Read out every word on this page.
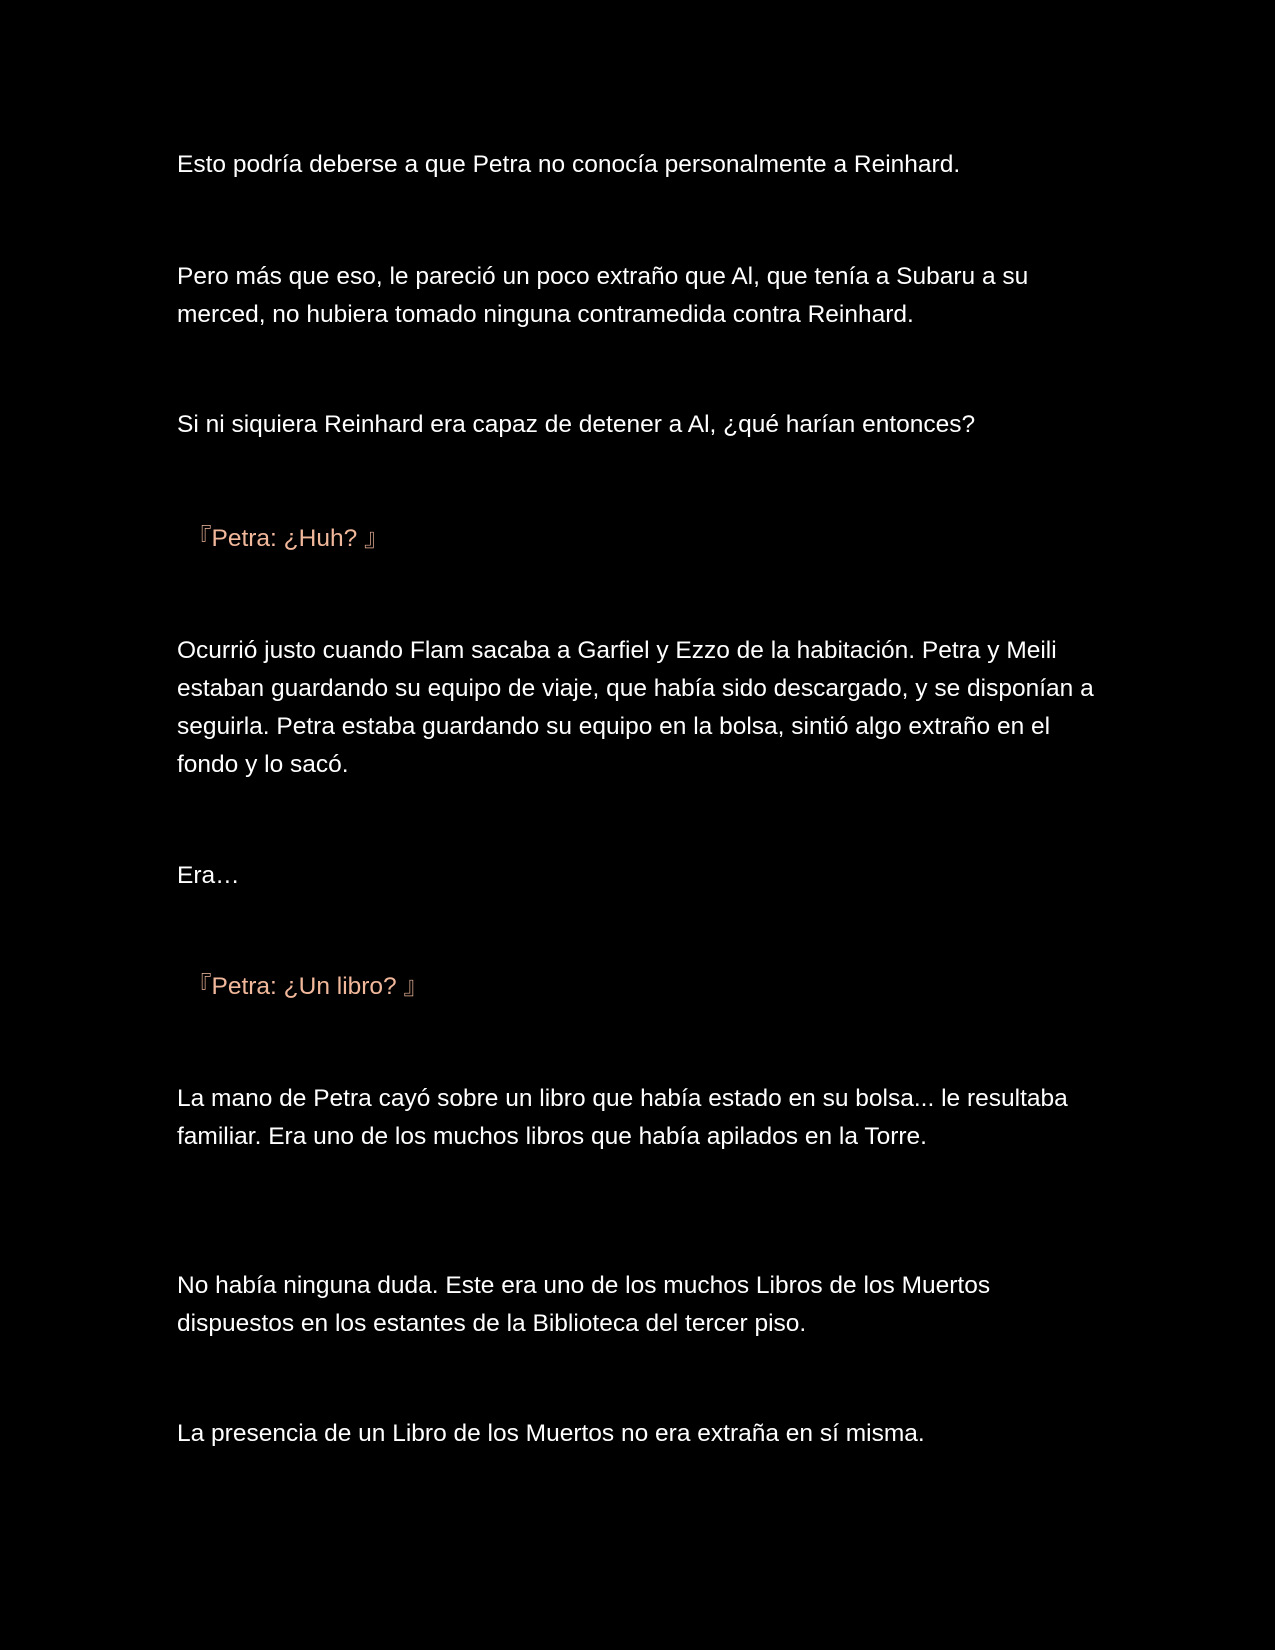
Esto podría deberse a que Petra no conocía personalmente a Reinhard.

Pero más que eso, le pareció un poco extraño que Al, que tenía a Subaru a su merced, no hubiera tomado ninguna contramedida contra Reinhard.

Si ni siquiera Reinhard era capaz de detener a Al, ¿qué harían entonces?

『Petra: ¿Huh? 』

Ocurrió justo cuando Flam sacaba a Garfiel y Ezzo de la habitación. Petra y Meili estaban guardando su equipo de viaje, que había sido descargado, y se disponían a seguirla. Petra estaba guardando su equipo en la bolsa, sintió algo extraño en el fondo y lo sacó.

Era…

『Petra: ¿Un libro? 』

La mano de Petra cayó sobre un libro que había estado en su bolsa... le resultaba familiar. Era uno de los muchos libros que había apilados en la Torre.

No había ninguna duda. Este era uno de los muchos Libros de los Muertos dispuestos en los estantes de la Biblioteca del tercer piso.

La presencia de un Libro de los Muertos no era extraña en sí misma.
